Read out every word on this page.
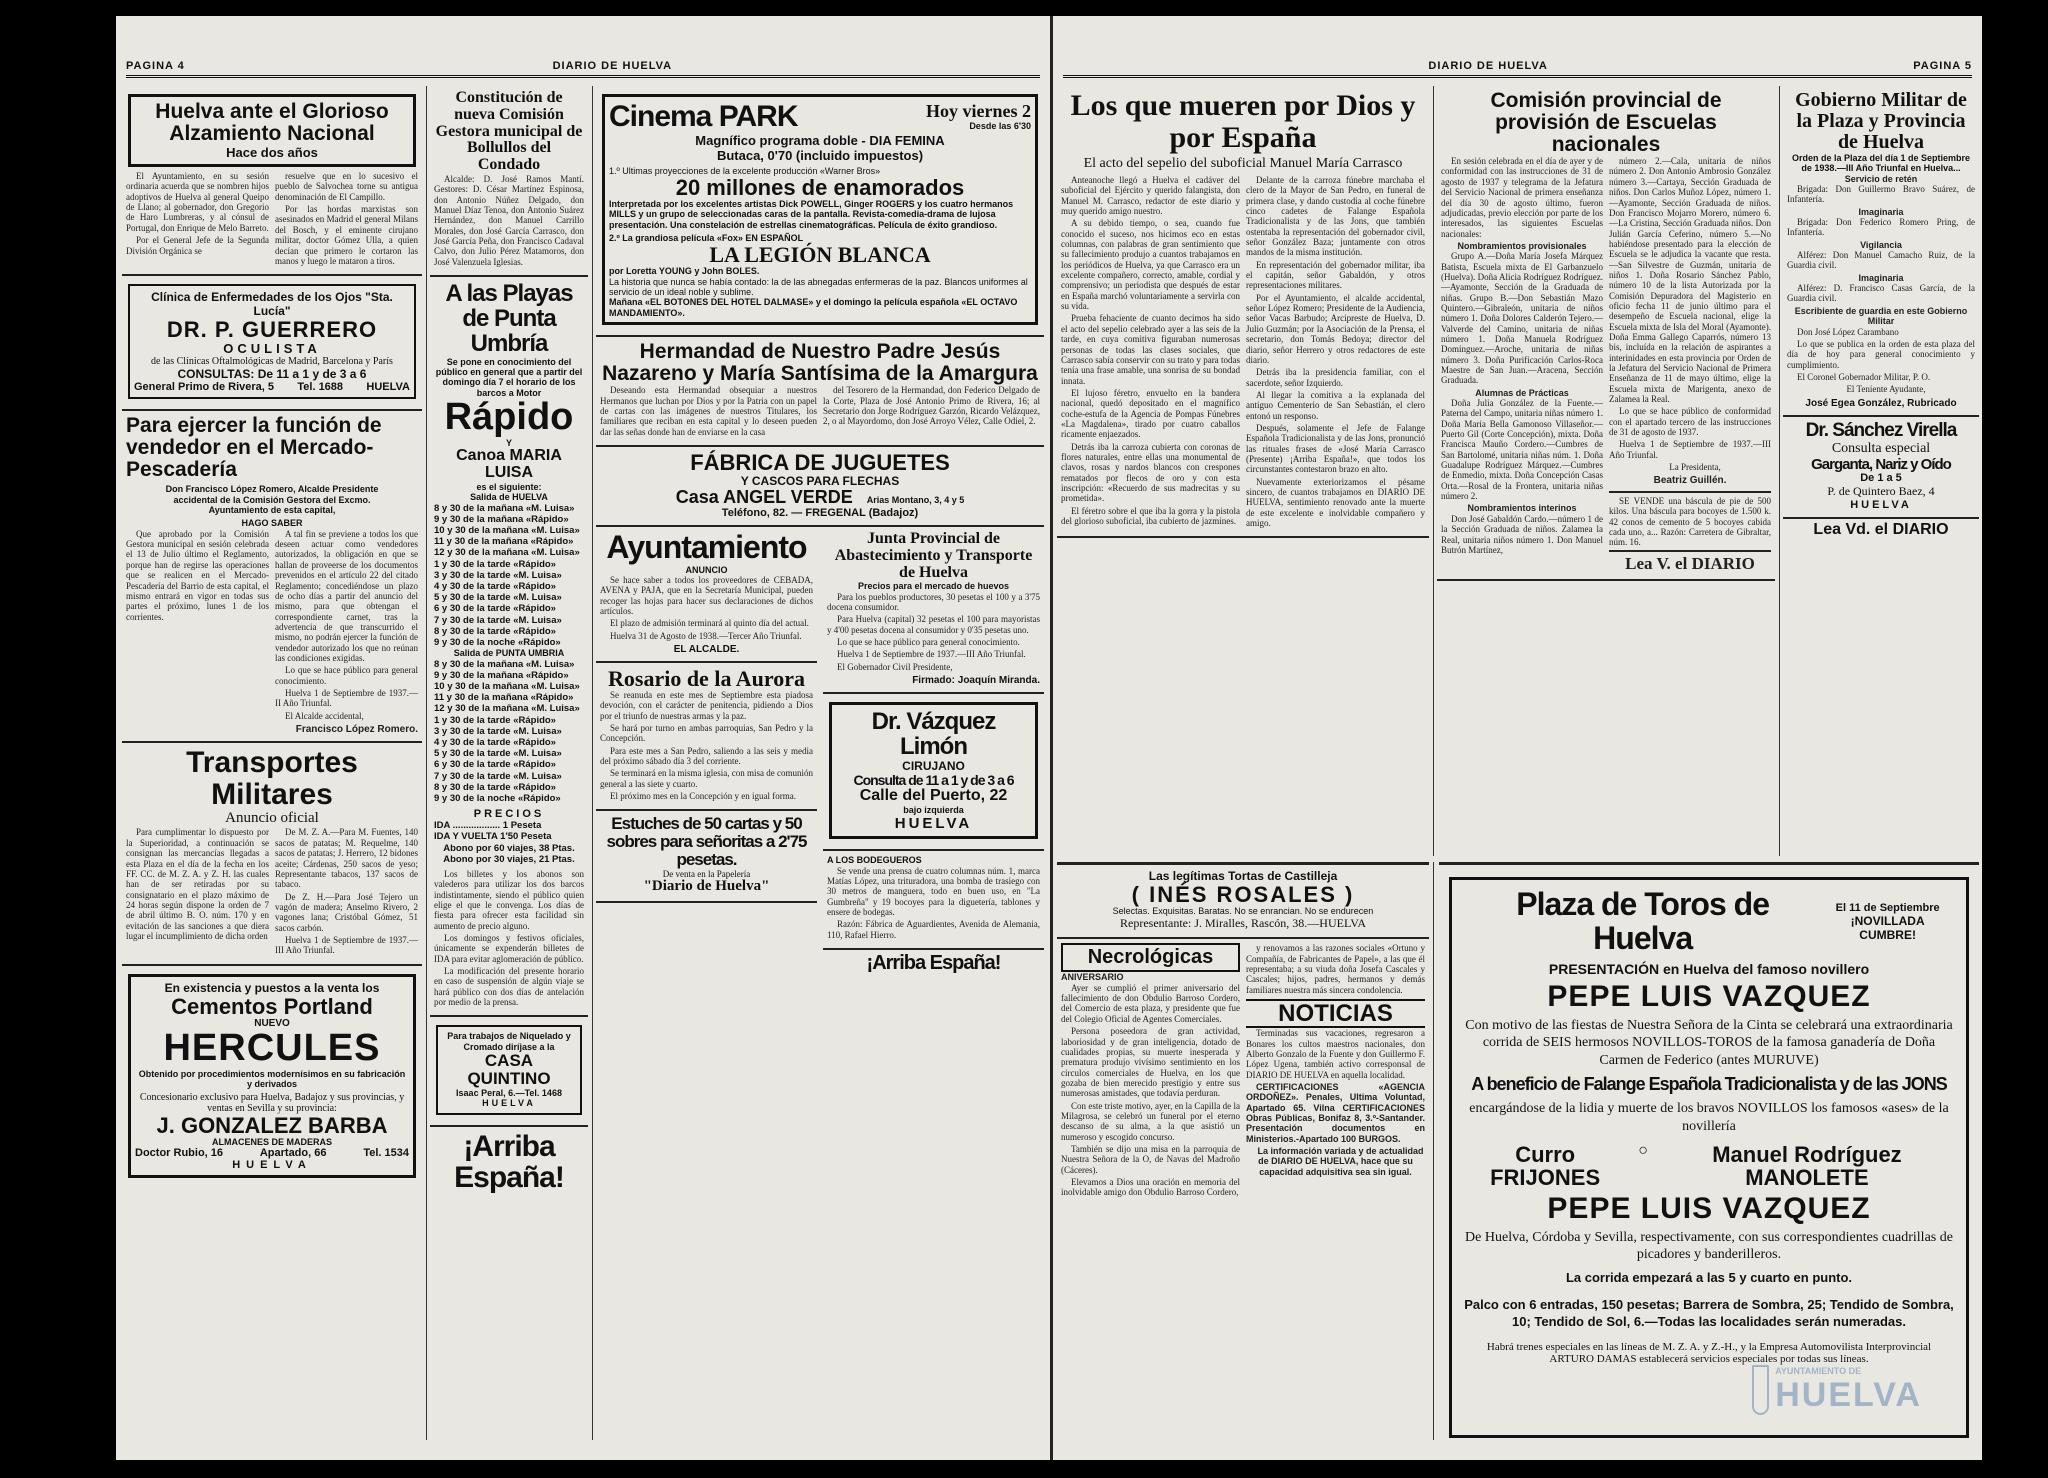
PAGINA 4	DIARIO DE HUELVA
Huelva ante el Glorioso Alzamiento Nacional
Hace dos años

El Ayuntamiento, en su sesión ordinaria acuerda que se nombren hijos adoptivos de Huelva al general Queipo de Llano; al gobernador, don Gregorio de Haro Lumbreras, y al cónsul de Portugal, don Enrique de Melo Barreto.

Por el General Jefe de la Segunda División Orgánica se

resuelve que en lo sucesivo el pueblo de Salvochea torne su antigua denominación de El Campillo.

Por las hordas marxistas son asesinados en Madrid el general Milans del Bosch, y el eminente cirujano militar, doctor Gómez Ulla, a quien decían que primero le cortaron las manos y luego le mataron a tiros.

Clínica de Enfermedades de los Ojos "Sta. Lucía"
DR. P. GUERRERO
OCULISTA
de las Clínicas Oftalmológicas de Madrid, Barcelona y París
CONSULTAS: De 11 a 1 y de 3 a 6
General Primo de Rivera, 5 Tel. 1688 HUELVA
Para ejercer la función de vendedor en el Mercado-Pescadería
Don Francisco López Romero, Alcalde Presidente accidental de la Comisión Gestora del Excmo. Ayuntamiento de esta capital,
HAGO SABER

Que aprobado por la Comisión Gestora municipal en sesión celebrada el 13 de Julio último el Reglamento, porque han de regirse las operaciones que se realicen en el Mercado-Pescadería del Barrio de esta capital, el mismo entrará en vigor en todas sus partes el próximo, lunes 1 de los corrientes.

A tal fin se previene a todos los que deseen actuar como vendedores autorizados, la obligación en que se hallan de proveerse de los documentos prevenidos en el artículo 22 del citado Reglamento; concediéndose un plazo de ocho días a partir del anuncio del mismo, para que obtengan el correspondiente carnet, tras la advertencia de que transcurrido el mismo, no podrán ejercer la función de vendedor autorizado los que no reúnan las condiciones exigidas.

Lo que se hace público para general conocimiento.

Huelva 1 de Septiembre de 1937.—II Año Triunfal.

El Alcalde accidental,

Francisco López Romero.
Transportes Militares
Anuncio oficial

Para cumplimentar lo dispuesto por la Superioridad, a continuación se consignan las mercancías llegadas a esta Plaza en el día de la fecha en los FF. CC. de M. Z. A. y Z. H. las cuales han de ser retiradas por su consignatario en el plazo máximo de 24 horas según dispone la orden de 7 de abril último B. O. núm. 170 y en evitación de las sanciones a que diera lugar el incumplimiento de dicha orden

De M. Z. A.—Para M. Fuentes, 140 sacos de patatas; M. Requelme, 140 sacos de patatas; J. Herrero, 12 bidones aceite; Cárdenas, 250 sacos de yeso; Representante tabacos, 137 sacos de tabaco.

De Z. H.—Para José Tejero un vagón de madera; Anselmo Rivero, 2 vagones lana; Cristóbal Gómez, 51 sacos carbón.

Huelva 1 de Septiembre de 1937.—III Año Triunfal.

En existencia y puestos a la venta los
Cementos Portland
NUEVO
HERCULES
Obtenido por procedimientos modernísimos en su fabricación y derivados
Concesionario exclusivo para Huelva, Badajoz y sus provincias, y ventas en Sevilla y su provincia:
J. GONZALEZ BARBA
ALMACENES DE MADERAS
Doctor Rubio, 16	Apartado, 66	Tel. 1534
HUELVA
Constitución de nueva Comisión Gestora municipal de Bollullos del Condado

Alcalde: D. José Ramos Mantí. Gestores: D. César Martínez Espinosa, don Antonio Núñez Delgado, don Manuel Díaz Tenoa, don Antonio Suárez Hernández, don Manuel Carrillo Morales, don José García Carrasco, don José García Peña, don Francisco Cadaval Calvo, don Julio Pérez Matamoros, don José Valenzuela Iglesias.

A las Playas de Punta Umbría
Se pone en conocimiento del público en general que a partir del domingo día 7 el horario de los barcos a Motor
Rápido
Y
Canoa MARIA LUISA
es el siguiente:
Salida de HUELVA
8 y 30 de la mañana «M. Luisa»
9 y 30 de la mañana «Rápido»
10 y 30 de la mañana «M. Luisa»
11 y 30 de la mañana «Rápido»
12 y 30 de la mañana «M. Luisa»
1 y 30 de la tarde «Rápido»
3 y 30 de la tarde «M. Luisa»
4 y 30 de la tarde «Rápido»
5 y 30 de la tarde «M. Luisa»
6 y 30 de la tarde «Rápido»
7 y 30 de la tarde «M. Luisa»
8 y 30 de la tarde «Rápido»
9 y 30 de la noche «Rápido»
Salida de PUNTA UMBRIA
8 y 30 de la mañana «M. Luisa»
9 y 30 de la mañana «Rápido»
10 y 30 de la mañana «M. Luisa»
11 y 30 de la mañana «Rápido»
12 y 30 de la mañana «M. Luisa»
1 y 30 de la tarde «Rápido»
3 y 30 de la tarde «M. Luisa»
4 y 30 de la tarde «Rápido»
5 y 30 de la tarde «M. Luisa»
6 y 30 de la tarde «Rápido»
7 y 30 de la tarde «M. Luisa»
8 y 30 de la tarde «Rápido»
9 y 30 de la noche «Rápido»
PRECIOS
IDA .................. 1 Peseta
IDA Y VUELTA 1'50 Peseta
Abono por 60 viajes, 38 Ptas.
Abono por 30 viajes, 21 Ptas.

Los billetes y los abonos son valederos para utilizar los dos barcos indistintamente, siendo el público quien elige el que le convenga. Los días de fiesta para ofrecer esta facilidad sin aumento de precio alguno.

Los domingos y festivos oficiales, únicamente se expenderán billetes de IDA para evitar aglomeración de público.

La modificación del presente horario en caso de suspensión de algún viaje se hará público con dos días de antelación por medio de la prensa.

Para trabajos de Niquelado y Cromado diríjase a la
CASA QUINTINO
Isaac Peral, 6.—Tel. 1468
HUELVA
¡Arriba España!
Cinema PARK	Hoy viernes 2
Desde las 6'30
Magnífico programa doble - DIA FEMINA
Butaca, 0'70 (incluido impuestos)
1.º Ultimas proyecciones de la excelente producción «Warner Bros»
20 millones de enamorados
Interpretada por los excelentes artistas Dick POWELL, Ginger ROGERS y los cuatro hermanos MILLS y un grupo de seleccionadas caras de la pantalla. Revista-comedia-drama de lujosa presentación. Una constelación de estrellas cinematográficas. Película de éxito grandioso.
2.º La grandiosa película «Fox» EN ESPAÑOL
LA LEGIÓN BLANCA
por Loretta YOUNG y John BOLES.
La historia que nunca se había contado: la de las abnegadas enfermeras de la paz. Blancos uniformes al servicio de un ideal noble y sublime.
Mañana «EL BOTONES DEL HOTEL DALMASE» y el domingo la película española «EL OCTAVO MANDAMIENTO».
Hermandad de Nuestro Padre Jesús Nazareno y María Santísima de la Amargura

Deseando esta Hermandad obsequiar a nuestros Hermanos que luchan por Dios y por la Patria con un papel de cartas con las imágenes de nuestros Titulares, los familiares que reciban en esta capital y lo deseen pueden dar las señas donde han de enviarse en la casa

del Tesorero de la Hermandad, don Federico Delgado de la Corte, Plaza de José Antonio Primo de Rivera, 16; al Secretario don Jorge Rodríguez Garzón, Ricardo Velázquez, 2, o al Mayordomo, don José Arroyo Vélez, Calle Odiel, 2.

FÁBRICA DE JUGUETES
Y CASCOS PARA FLECHAS
Casa ANGEL VERDE Arias Montano, 3, 4 y 5
Teléfono, 82. — FREGENAL (Badajoz)
Ayuntamiento
ANUNCIO

Se hace saber a todos los proveedores de CEBADA, AVENA y PAJA, que en la Secretaría Municipal, pueden recoger las hojas para hacer sus declaraciones de dichos artículos.

El plazo de admisión terminará al quinto día del actual.

Huelva 31 de Agosto de 1938.—Tercer Año Triunfal.

EL ALCALDE.
Rosario de la Aurora

Se reanuda en este mes de Septiembre esta piadosa devoción, con el carácter de penitencia, pidiendo a Dios por el triunfo de nuestras armas y la paz.

Se hará por turno en ambas parroquias, San Pedro y la Concepción.

Para este mes a San Pedro, saliendo a las seis y media del próximo sábado día 3 del corriente.

Se terminará en la misma iglesia, con misa de comunión general a las siete y cuarto.

El próximo mes en la Concepción y en igual forma.

Estuches de 50 cartas y 50 sobres para señoritas a 2'75 pesetas.
De venta en la Papelería
"Diario de Huelva"
Junta Provincial de Abastecimiento y Transporte de Huelva
Precios para el mercado de huevos

Para los pueblos productores, 30 pesetas el 100 y a 3'75 docena consumidor.

Para Huelva (capital) 32 pesetas el 100 para mayoristas y 4'00 pesetas docena al consumidor y 0'35 pesetas uno.

Lo que se hace público para general conocimiento.

Huelva 1 de Septiembre de 1937.—III Año Triunfal.

El Gobernador Civil Presidente,

Firmado: Joaquín Miranda.
Dr. Vázquez Limón
CIRUJANO
Consulta de 11 a 1 y de 3 a 6
Calle del Puerto, 22
bajo izquierda
HUELVA
A LOS BODEGUEROS

Se vende una prensa de cuatro columnas núm. 1, marca Matías López, una trituradora, una bomba de trasiego con 30 metros de manguera, todo en buen uso, en "La Gumbreña" y 19 bocoyes para la diguetería, tablones y ensere de bodegas.

Razón: Fábrica de Aguardientes, Avenida de Alemania, 110, Rafael Hierro.

¡Arriba España!
DIARIO DE HUELVA	PAGINA 5
Los que mueren por Dios y por España
El acto del sepelio del suboficial Manuel María Carrasco

Anteanoche llegó a Huelva el cadáver del suboficial del Ejército y querido falangista, don Manuel M. Carrasco, redactor de este diario y muy querido amigo nuestro.

A su debido tiempo, o sea, cuando fue conocido el suceso, nos hicimos eco en estas columnas, con palabras de gran sentimiento que su fallecimiento produjo a cuantos trabajamos en los periódicos de Huelva, ya que Carrasco era un excelente compañero, correcto, amable, cordial y comprensivo; un periodista que después de estar en España marchó voluntariamente a servirla con su vida.

Prueba fehaciente de cuanto decimos ha sido el acto del sepelio celebrado ayer a las seis de la tarde, en cuya comitiva figuraban numerosas personas de todas las clases sociales, que Carrasco sabía conservir con su trato y para todas tenía una frase amable, una sonrisa de su bondad innata.

El lujoso féretro, envuelto en la bandera nacional, quedó depositado en el magnífico coche-estufa de la Agencia de Pompas Fúnebres «La Magdalena», tirado por cuatro caballos ricamente enjaezados.

Detrás iba la carroza cubierta con coronas de flores naturales, entre ellas una monumental de clavos, rosas y nardos blancos con crespones rematados por flecos de oro y con esta inscripción: «Recuerdo de sus madrecitas y su prometida».

El féretro sobre el que iba la gorra y la pistola del glorioso suboficial, iba cubierto de jazmines.

Delante de la carroza fúnebre marchaba el clero de la Mayor de San Pedro, en funeral de primera clase, y dando custodia al coche fúnebre cinco cadetes de Falange Española Tradicionalista y de las Jons, que también ostentaba la representación del gobernador civil, señor González Baza; juntamente con otros mandos de la misma institución.

En representación del gobernador militar, iba el capitán, señor Gabaldón, y otros representaciones militares.

Por el Ayuntamiento, el alcalde accidental, señor López Romero; Presidente de la Audiencia, señor Vacas Barbudo; Arcipreste de Huelva, D. Julio Guzmán; por la Asociación de la Prensa, el secretario, don Tomás Bedoya; director del diario, señor Herrero y otros redactores de este diario.

Detrás iba la presidencia familiar, con el sacerdote, señor Izquierdo.

Al llegar la comitiva a la explanada del antiguo Cementerio de San Sebastián, el clero entonó un responso.

Después, solamente el Jefe de Falange Española Tradicionalista y de las Jons, pronunció las rituales frases de «José María Carrasco (Presente) ¡Arriba España!», que todos los circunstantes contestaron brazo en alto.

Nuevamente exteriorizamos el pésame sincero, de cuantos trabajamos en DIARIO DE HUELVA, sentimiento renovado ante la muerte de este excelente e inolvidable compañero y amigo.

Comisión provincial de provisión de Escuelas nacionales

En sesión celebrada en el día de ayer y de conformidad con las instrucciones de 31 de agosto de 1937 y telegrama de la Jefatura del Servicio Nacional de primera enseñanza del día 30 de agosto último, fueron adjudicadas, previo elección por parte de los interesados, las siguientes Escuelas nacionales:

Nombramientos provisionales

Grupo A.—Doña María Josefa Márquez Batista, Escuela mixta de El Garbanzuelo (Huelva). Doña Alicia Rodríguez Rodríguez.—Ayamonte, Sección de la Graduada de niñas. Grupo B.—Don Sebastián Mazo Quintero.—Gibraleón, unitaria de niños número 1. Doña Dolores Calderón Tejero.—Valverde del Camino, unitaria de niñas número 1. Doña Manuela Rodríguez Domínguez.—Aroche, unitaria de niñas número 3. Doña Purificación Carlos-Roca Maestre de San Juan.—Aracena, Sección Graduada.

Alumnas de Prácticas

Doña Julia González de la Fuente.—Paterna del Campo, unitaria niñas número 1. Doña María Bella Gamonoso Villaseñor.—Puerto Gil (Corte Concepción), mixta. Doña Francisca Mauño Cordero.—Cumbres de San Bartolomé, unitaria niñas núm. 1. Doña Guadalupe Rodríguez Márquez.—Cumbres de Enmedio, mixta. Doña Concepción Casas Orta.—Rosal de la Frontera, unitaria niñas número 2.

Nombramientos interinos

Don José Gabaldón Cardo.—número 1 de la Sección Graduada de niños. Zalamea la Real, unitaria niños número 1. Don Manuel Butrón Martínez,

número 2.—Cala, unitaria de niños número 2. Don Antonio Ambrosio González número 3.—Cartaya, Sección Graduada de niños. Don Carlos Muñoz López, número 1.—Ayamonte, Sección Graduada de niños. Don Francisco Mojarro Morero, número 6.—La Cristina, Sección Graduada niños. Don Julián García Ceferino, número 5.—No habiéndose presentado para la elección de Escuela se le adjudica la vacante que resta.—San Silvestre de Guzmán, unitaria de niños 1. Doña Rosario Sánchez Pablo, número 10 de la lista Autorizada por la Comisión Depuradora del Magisterio en oficio fecha 11 de junio último para el desempeño de Escuela nacional, elige la Escuela mixta de Isla del Moral (Ayamonte). Doña Emma Gallego Caparrós, número 13 bis, incluída en la relación de aspirantes a interinidades en esta provincia por Orden de la Jefatura del Servicio Nacional de Primera Enseñanza de 11 de mayo último, elige la Escuela mixta de Marigenta, anexo de Zalamea la Real.

Lo que se hace público de conformidad con el apartado tercero de las instrucciones de 31 de agosto de 1937.

Huelva 1 de Septiembre de 1937.—III Año Triunfal.

La Presidenta,

Beatriz Guillén.

SE VENDE una báscula de pie de 500 kilos. Una báscula para bocoyes de 1.500 k. 42 conos de cemento de 5 bocoyes cabida cada uno, a... Razón: Carretera de Gibraltar, núm. 16.

Lea V. el DIARIO
Gobierno Militar de la Plaza y Provincia de Huelva
Orden de la Plaza del día 1 de Septiembre de 1938.—III Año Triunfal en Huelva...
Servicio de retén

Brigada: Don Guillermo Bravo Suárez, de Infantería.

Imaginaria

Brigada: Don Federico Romero Pring, de Infantería.

Vigilancia

Alférez: Don Manuel Camacho Ruiz, de la Guardia civil.

Imaginaria

Alférez: D. Francisco Casas García, de la Guardia civil.

Escribiente de guardia en este Gobierno Militar

Don José López Carambano

Lo que se publica en la orden de esta plaza del día de hoy para general conocimiento y cumplimiento.

El Coronel Gobernador Militar, P. O.

El Teniente Ayudante,

José Egea González, Rubricado
Dr. Sánchez Virella
Consulta especial
Garganta, Nariz y Oído
De 1 a 5
P. de Quintero Baez, 4
HUELVA
Lea Vd. el DIARIO
Las legítimas Tortas de Castilleja
( INÉS ROSALES )
Selectas. Exquisitas. Baratas. No se enrancian. No se endurecen
Representante: J. Miralles, Rascón, 38.—HUELVA
Necrológicas
ANIVERSARIO

Ayer se cumplió el primer aniversario del fallecimiento de don Obdulio Barroso Cordero, del Comercio de esta plaza, y presidente que fue del Colegio Oficial de Agentes Comerciales.

Persona poseedora de gran actividad, laboriosidad y de gran inteligencia, dotado de cualidades propias, su muerte inesperada y prematura produjo vivísimo sentimiento en los círculos comerciales de Huelva, en los que gozaba de bien merecido prestigio y entre sus numerosas amistades, que todavía perduran.

Con este triste motivo, ayer, en la Capilla de la Milagrosa, se celebró un funeral por el eterno descanso de su alma, a la que asistió un numeroso y escogido concurso.

También se dijo una misa en la parroquia de Nuestra Señora de la O, de Navas del Madroño (Cáceres).

Elevamos a Dios una oración en memoria del inolvidable amigo don Obdulio Barroso Cordero,

y renovamos a las razones sociales «Ortuno y Compañía, de Fabricantes de Papel», a las que él representaba; a su viuda doña Josefa Cascales y Cascales; hijos, padres, hermanos y demás familiares nuestra más sincera condolencia.

NOTICIAS

Terminadas sus vacaciones, regresaron a Bonares los cultos maestros nacionales, don Alberto Gonzalo de la Fuente y don Guillermo F. López Ugena, también activo corresponsal de DIARIO DE HUELVA en aquella localidad.

CERTIFICACIONES «AGENCIA ORDOÑEZ». Penales, Ultima Voluntad, Apartado 65. Vilna CERTIFICACIONES Obras Públicas, Bonifaz 8, 3.º-Santander. Presentación documentos en Ministerios.-Apartado 100 BURGOS.

La información variada y de actualidad de DIARIO DE HUELVA, hace que su capacidad adquisitiva sea sin igual.

Plaza de Toros de Huelva
El 11 de Septiembre
¡NOVILLADA CUMBRE!
PRESENTACIÓN en Huelva del famoso novillero
PEPE LUIS VAZQUEZ
Con motivo de las fiestas de Nuestra Señora de la Cinta se celebrará una extraordinaria corrida de SEIS hermosos NOVILLOS-TOROS de la famosa ganadería de Doña Carmen de Federico (antes MURUVE)
A beneficio de Falange Española Tradicionalista y de las JONS
encargándose de la lidia y muerte de los bravos NOVILLOS los famosos «ases» de la novillería
Curro FRIJONES
○	Manuel Rodríguez MANOLETE
PEPE LUIS VAZQUEZ
De Huelva, Córdoba y Sevilla, respectivamente, con sus correspondientes cuadrillas de picadores y banderilleros.
La corrida empezará a las 5 y cuarto en punto.
Palco con 6 entradas, 150 pesetas; Barrera de Sombra, 25; Tendido de Sombra, 10; Tendido de Sol, 6.—Todas las localidades serán numeradas.
Habrá trenes especiales en las líneas de M. Z. A. y Z.-H., y la Empresa Automovilista Interprovincial ARTURO DAMAS establecerá servicios especiales por todas sus líneas.
AYUNTAMIENTO DE
HUELVA
